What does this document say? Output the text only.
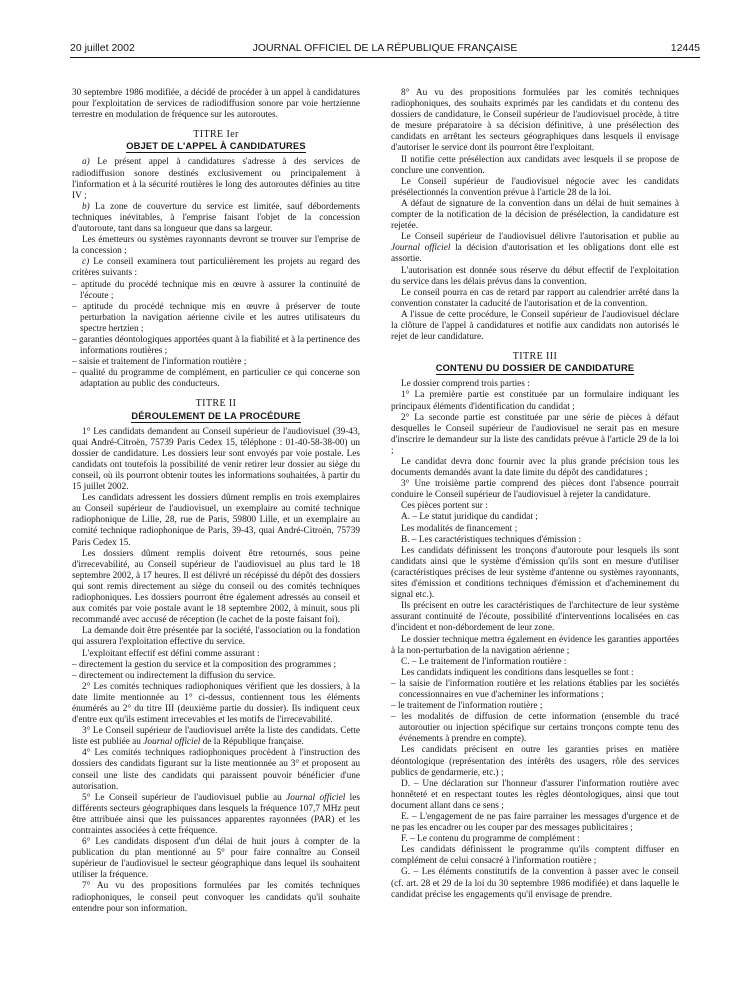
20 juillet 2002	JOURNAL OFFICIEL DE LA RÉPUBLIQUE FRANÇAISE	12445

30 septembre 1986 modifiée, a décidé de procéder à un appel à candidatures pour l'exploitation de services de radiodiffusion sonore par voie hertzienne terrestre en modulation de fréquence sur les autoroutes.

TITRE Ier
OBJET DE L'APPEL À CANDIDATURES

a) Le présent appel à candidatures s'adresse à des services de radiodiffusion sonore destinés exclusivement ou principalement à l'information et à la sécurité routières le long des autoroutes définies au titre IV ;

b) La zone de couverture du service est limitée, sauf débordements techniques inévitables, à l'emprise faisant l'objet de la concession d'autoroute, tant dans sa longueur que dans sa largeur.

Les émetteurs ou systèmes rayonnants devront se trouver sur l'emprise de la concession ;

c) Le conseil examinera tout particulièrement les projets au regard des critères suivants :

– aptitude du procédé technique mis en œuvre à assurer la continuité de l'écoute ;

– aptitude du procédé technique mis en œuvre à préserver de toute perturbation la navigation aérienne civile et les autres utilisateurs du spectre hertzien ;

– garanties déontologiques apportées quant à la fiabilité et à la pertinence des informations routières ;

– saisie et traitement de l'information routière ;

– qualité du programme de complément, en particulier ce qui concerne son adaptation au public des conducteurs.

TITRE II
DÉROULEMENT DE LA PROCÉDURE

1° Les candidats demandent au Conseil supérieur de l'audiovisuel (39-43, quai André-Citroën, 75739 Paris Cedex 15, téléphone : 01-40-58-38-00) un dossier de candidature. Les dossiers leur sont envoyés par voie postale. Les candidats ont toutefois la possibilité de venir retirer leur dossier au siège du conseil, où ils pourront obtenir toutes les informations souhaitées, à partir du 15 juillet 2002.

Les candidats adressent les dossiers dûment remplis en trois exemplaires au Conseil supérieur de l'audiovisuel, un exemplaire au comité technique radiophonique de Lille, 28, rue de Paris, 59800 Lille, et un exemplaire au comité technique radiophonique de Paris, 39-43, quai André-Citroën, 75739 Paris Cedex 15.

Les dossiers dûment remplis doivent être retournés, sous peine d'irrecevabilité, au Conseil supérieur de l'audiovisuel au plus tard le 18 septembre 2002, à 17 heures. Il est délivré un récépissé du dépôt des dossiers qui sont remis directement au siège du conseil ou des comités techniques radiophoniques. Les dossiers pourront être également adressés au conseil et aux comités par voie postale avant le 18 septembre 2002, à minuit, sous pli recommandé avec accusé de réception (le cachet de la poste faisant foi).

La demande doit être présentée par la société, l'association ou la fondation qui assurera l'exploitation effective du service.

L'exploitant effectif est défini comme assurant :

– directement la gestion du service et la composition des programmes ;

– directement ou indirectement la diffusion du service.

2° Les comités techniques radiophoniques vérifient que les dossiers, à la date limite mentionnée au 1° ci-dessus, contiennent tous les éléments énumérés au 2° du titre III (deuxième partie du dossier). Ils indiquent ceux d'entre eux qu'ils estiment irrecevables et les motifs de l'irrecevabilité.

3° Le Conseil supérieur de l'audiovisuel arrête la liste des candidats. Cette liste est publiée au Journal officiel de la République française.

4° Les comités techniques radiophoniques procèdent à l'instruction des dossiers des candidats figurant sur la liste mentionnée au 3° et proposent au conseil une liste des candidats qui paraissent pouvoir bénéficier d'une autorisation.

5° Le Conseil supérieur de l'audiovisuel publie au Journal officiel les différents secteurs géographiques dans lesquels la fréquence 107,7 MHz peut être attribuée ainsi que les puissances apparentes rayonnées (PAR) et les contraintes associées à cette fréquence.

6° Les candidats disposent d'un délai de huit jours à compter de la publication du plan mentionné au 5° pour faire connaître au Conseil supérieur de l'audiovisuel le secteur géographique dans lequel ils souhaitent utiliser la fréquence.

7° Au vu des propositions formulées par les comités techniques radiophoniques, le conseil peut convoquer les candidats qu'il souhaite entendre pour son information.

8° Au vu des propositions formulées par les comités techniques radiophoniques, des souhaits exprimés par les candidats et du contenu des dossiers de candidature, le Conseil supérieur de l'audiovisuel procède, à titre de mesure préparatoire à sa décision définitive, à une présélection des candidats en arrêtant les secteurs géographiques dans lesquels il envisage d'autoriser le service dont ils pourront être l'exploitant.

Il notifie cette présélection aux candidats avec lesquels il se propose de conclure une convention.

Le Conseil supérieur de l'audiovisuel négocie avec les candidats présélectionnés la convention prévue à l'article 28 de la loi.

A défaut de signature de la convention dans un délai de huit semaines à compter de la notification de la décision de présélection, la candidature est rejetée.

Le Conseil supérieur de l'audiovisuel délivre l'autorisation et publie au Journal officiel la décision d'autorisation et les obligations dont elle est assortie.

L'autorisation est donnée sous réserve du début effectif de l'exploitation du service dans les délais prévus dans la convention.

Le conseil pourra en cas de retard par rapport au calendrier arrêté dans la convention constater la caducité de l'autorisation et de la convention.

A l'issue de cette procédure, le Conseil supérieur de l'audiovisuel déclare la clôture de l'appel à candidatures et notifie aux candidats non autorisés le rejet de leur candidature.

TITRE III
CONTENU DU DOSSIER DE CANDIDATURE

Le dossier comprend trois parties :

1° La première partie est constituée par un formulaire indiquant les principaux éléments d'identification du candidat ;

2° La seconde partie est constituée par une série de pièces à défaut desquelles le Conseil supérieur de l'audiovisuel ne serait pas en mesure d'inscrire le demandeur sur la liste des candidats prévue à l'article 29 de la loi ;

Le candidat devra donc fournir avec la plus grande précision tous les documents demandés avant la date limite du dépôt des candidatures ;

3° Une troisième partie comprend des pièces dont l'absence pourrait conduire le Conseil supérieur de l'audiovisuel à rejeter la candidature.

Ces pièces portent sur :

A. – Le statut juridique du candidat ;

Les modalités de financement ;

B. – Les caractéristiques techniques d'émission :

Les candidats définissent les tronçons d'autoroute pour lesquels ils sont candidats ainsi que le système d'émission qu'ils sont en mesure d'utiliser (caractéristiques précises de leur système d'antenne ou systèmes rayonnants, sites d'émission et conditions techniques d'émission et d'acheminement du signal etc.).

Ils précisent en outre les caractéristiques de l'architecture de leur système assurant continuité de l'écoute, possibilité d'interventions localisées en cas d'incident et non-débordement de leur zone.

Le dossier technique mettra également en évidence les garanties apportées à la non-perturbation de la navigation aérienne ;

C. – Le traitement de l'information routière :

Les candidats indiquent les conditions dans lesquelles se font :

– la saisie de l'information routière et les relations établies par les sociétés concessionnaires en vue d'acheminer les informations ;

– le traitement de l'information routière ;

– les modalités de diffusion de cette information (ensemble du tracé autoroutier ou injection spécifique sur certains tronçons compte tenu des événements à prendre en compte).

Les candidats précisent en outre les garanties prises en matière déontologique (représentation des intérêts des usagers, rôle des services publics de gendarmerie, etc.) ;

D. – Une déclaration sur l'honneur d'assurer l'information routière avec honnêteté et en respectant toutes les règles déontologiques, ainsi que tout document allant dans ce sens ;

E. – L'engagement de ne pas faire parrainer les messages d'urgence et de ne pas les encadrer ou les couper par des messages publicitaires ;

F. – Le contenu du programme de complément :

Les candidats définissent le programme qu'ils comptent diffuser en complément de celui consacré à l'information routière ;

G. – Les éléments constitutifs de la convention à passer avec le conseil (cf. art. 28 et 29 de la loi du 30 septembre 1986 modifiée) et dans laquelle le candidat précise les engagements qu'il envisage de prendre.
